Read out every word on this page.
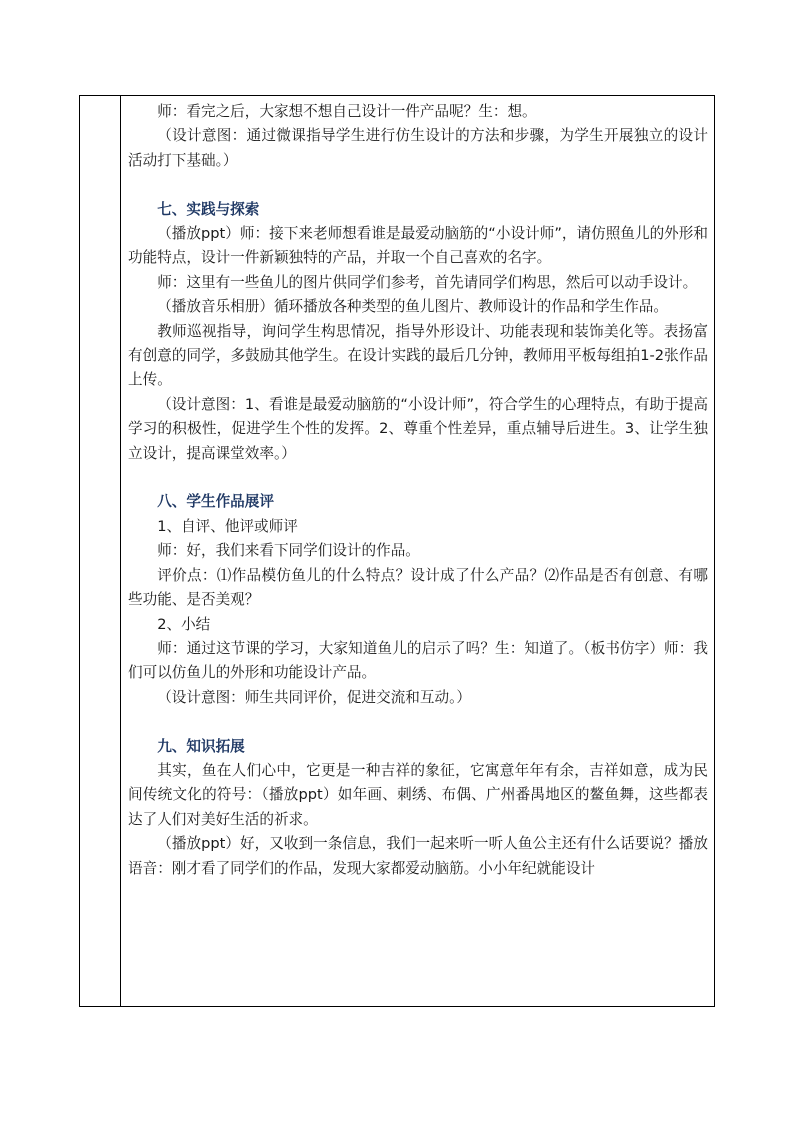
师：看完之后，大家想不想自己设计一件产品呢？生：想。

（设计意图：通过微课指导学生进行仿生设计的方法和步骤，为学生开展独立的设计活动打下基础。）

七、实践与探索

（播放ppt）师：接下来老师想看谁是最爱动脑筋的“小设计师”，请仿照鱼儿的外形和功能特点，设计一件新颖独特的产品，并取一个自己喜欢的名字。

师：这里有一些鱼儿的图片供同学们参考，首先请同学们构思，然后可以动手设计。

（播放音乐相册）循环播放各种类型的鱼儿图片、教师设计的作品和学生作品。

教师巡视指导，询问学生构思情况，指导外形设计、功能表现和装饰美化等。表扬富有创意的同学，多鼓励其他学生。在设计实践的最后几分钟，教师用平板每组拍1-2张作品上传。

（设计意图：1、看谁是最爱动脑筋的“小设计师”，符合学生的心理特点，有助于提高学习的积极性，促进学生个性的发挥。2、尊重个性差异，重点辅导后进生。3、让学生独立设计，提高课堂效率。）

八、学生作品展评

1、自评、他评或师评

师：好，我们来看下同学们设计的作品。

评价点：⑴作品模仿鱼儿的什么特点？设计成了什么产品？⑵作品是否有创意、有哪些功能、是否美观？

2、小结

师：通过这节课的学习，大家知道鱼儿的启示了吗？生：知道了。（板书仿字）师：我们可以仿鱼儿的外形和功能设计产品。

（设计意图：师生共同评价，促进交流和互动。）

九、知识拓展

其实，鱼在人们心中，它更是一种吉祥的象征，它寓意年年有余，吉祥如意，成为民间传统文化的符号：（播放ppt）如年画、刺绣、布偶、广州番禺地区的鳌鱼舞，这些都表达了人们对美好生活的祈求。

（播放ppt）好，又收到一条信息，我们一起来听一听人鱼公主还有什么话要说？播放语音：刚才看了同学们的作品，发现大家都爱动脑筋。小小年纪就能设计
